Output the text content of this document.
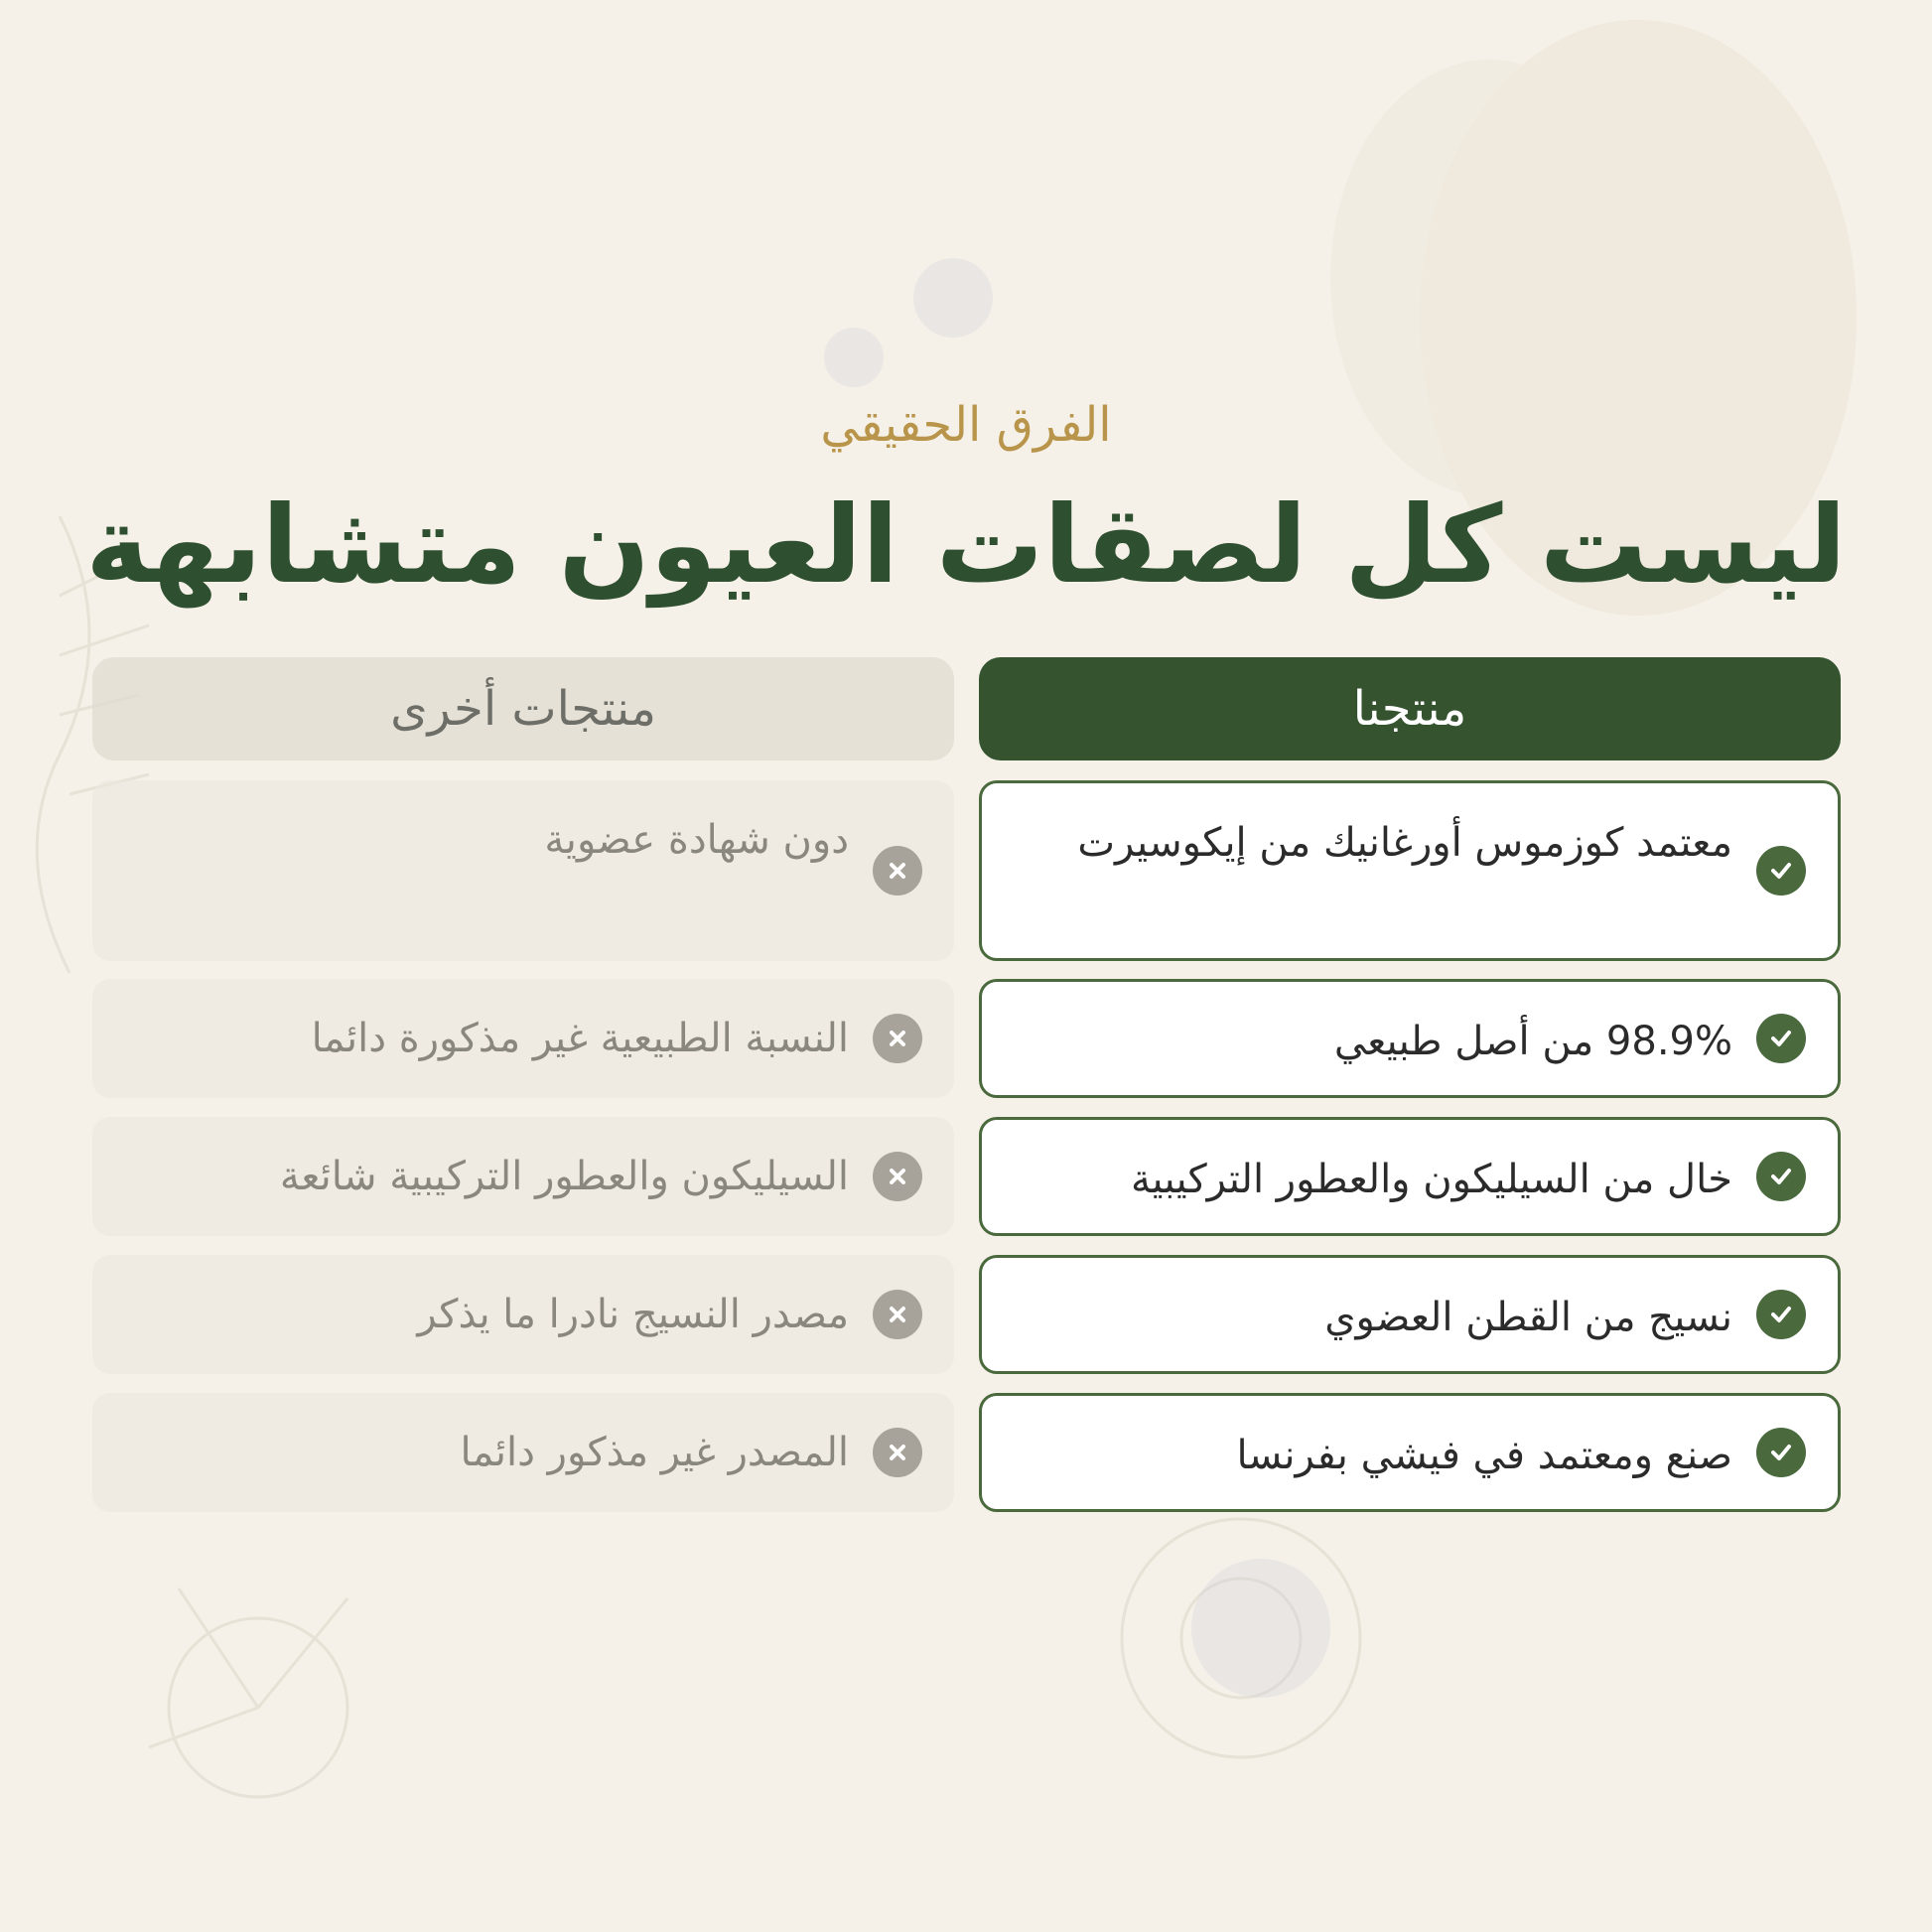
الفرق الحقيقي
ليست كل لصقات العيون متشابهة
منتجنا
منتجات أخرى
معتمد كوزموس أورغانيك من إيكوسيرت
دون شهادة عضوية
98.9% من أصل طبيعي
النسبة الطبيعية غير مذكورة دائما
خال من السيليكون والعطور التركيبية
السيليكون والعطور التركيبية شائعة
نسيج من القطن العضوي
مصدر النسيج نادرا ما يذكر
صنع ومعتمد في فيشي بفرنسا
المصدر غير مذكور دائما
